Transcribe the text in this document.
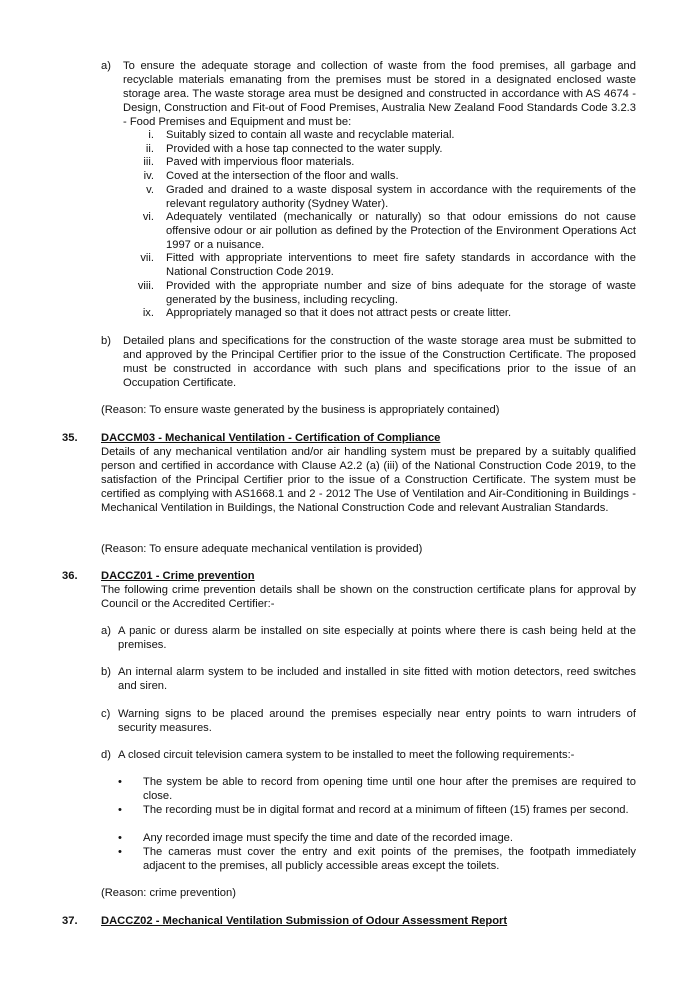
a) To ensure the adequate storage and collection of waste from the food premises, all garbage and recyclable materials emanating from the premises must be stored in a designated enclosed waste storage area. The waste storage area must be designed and constructed in accordance with AS 4674 - Design, Construction and Fit-out of Food Premises, Australia New Zealand Food Standards Code 3.2.3 - Food Premises and Equipment and must be:

i. Suitably sized to contain all waste and recyclable material.

ii. Provided with a hose tap connected to the water supply.

iii. Paved with impervious floor materials.

iv. Coved at the intersection of the floor and walls.

v. Graded and drained to a waste disposal system in accordance with the requirements of the relevant regulatory authority (Sydney Water).

vi. Adequately ventilated (mechanically or naturally) so that odour emissions do not cause offensive odour or air pollution as defined by the Protection of the Environment Operations Act 1997 or a nuisance.

vii. Fitted with appropriate interventions to meet fire safety standards in accordance with the National Construction Code 2019.

viii. Provided with the appropriate number and size of bins adequate for the storage of waste generated by the business, including recycling.

ix. Appropriately managed so that it does not attract pests or create litter.

b) Detailed plans and specifications for the construction of the waste storage area must be submitted to and approved by the Principal Certifier prior to the issue of the Construction Certificate. The proposed must be constructed in accordance with such plans and specifications prior to the issue of an Occupation Certificate.

(Reason: To ensure waste generated by the business is appropriately contained)

35. DACCM03 - Mechanical Ventilation - Certification of Compliance

Details of any mechanical ventilation and/or air handling system must be prepared by a suitably qualified person and certified in accordance with Clause A2.2 (a) (iii) of the National Construction Code 2019, to the satisfaction of the Principal Certifier prior to the issue of a Construction Certificate. The system must be certified as complying with AS1668.1 and 2 - 2012 The Use of Ventilation and Air-Conditioning in Buildings - Mechanical Ventilation in Buildings, the National Construction Code and relevant Australian Standards.

(Reason: To ensure adequate mechanical ventilation is provided)

36. DACCZ01 - Crime prevention

The following crime prevention details shall be shown on the construction certificate plans for approval by Council or the Accredited Certifier:-

a) A panic or duress alarm be installed on site especially at points where there is cash being held at the premises.

b) An internal alarm system to be included and installed in site fitted with motion detectors, reed switches and siren.

c) Warning signs to be placed around the premises especially near entry points to warn intruders of security measures.

d) A closed circuit television camera system to be installed to meet the following requirements:-

• The system be able to record from opening time until one hour after the premises are required to close.

• The recording must be in digital format and record at a minimum of fifteen (15) frames per second.

• Any recorded image must specify the time and date of the recorded image.

• The cameras must cover the entry and exit points of the premises, the footpath immediately adjacent to the premises, all publicly accessible areas except the toilets.

(Reason: crime prevention)

37. DACCZ02 - Mechanical Ventilation Submission of Odour Assessment Report
